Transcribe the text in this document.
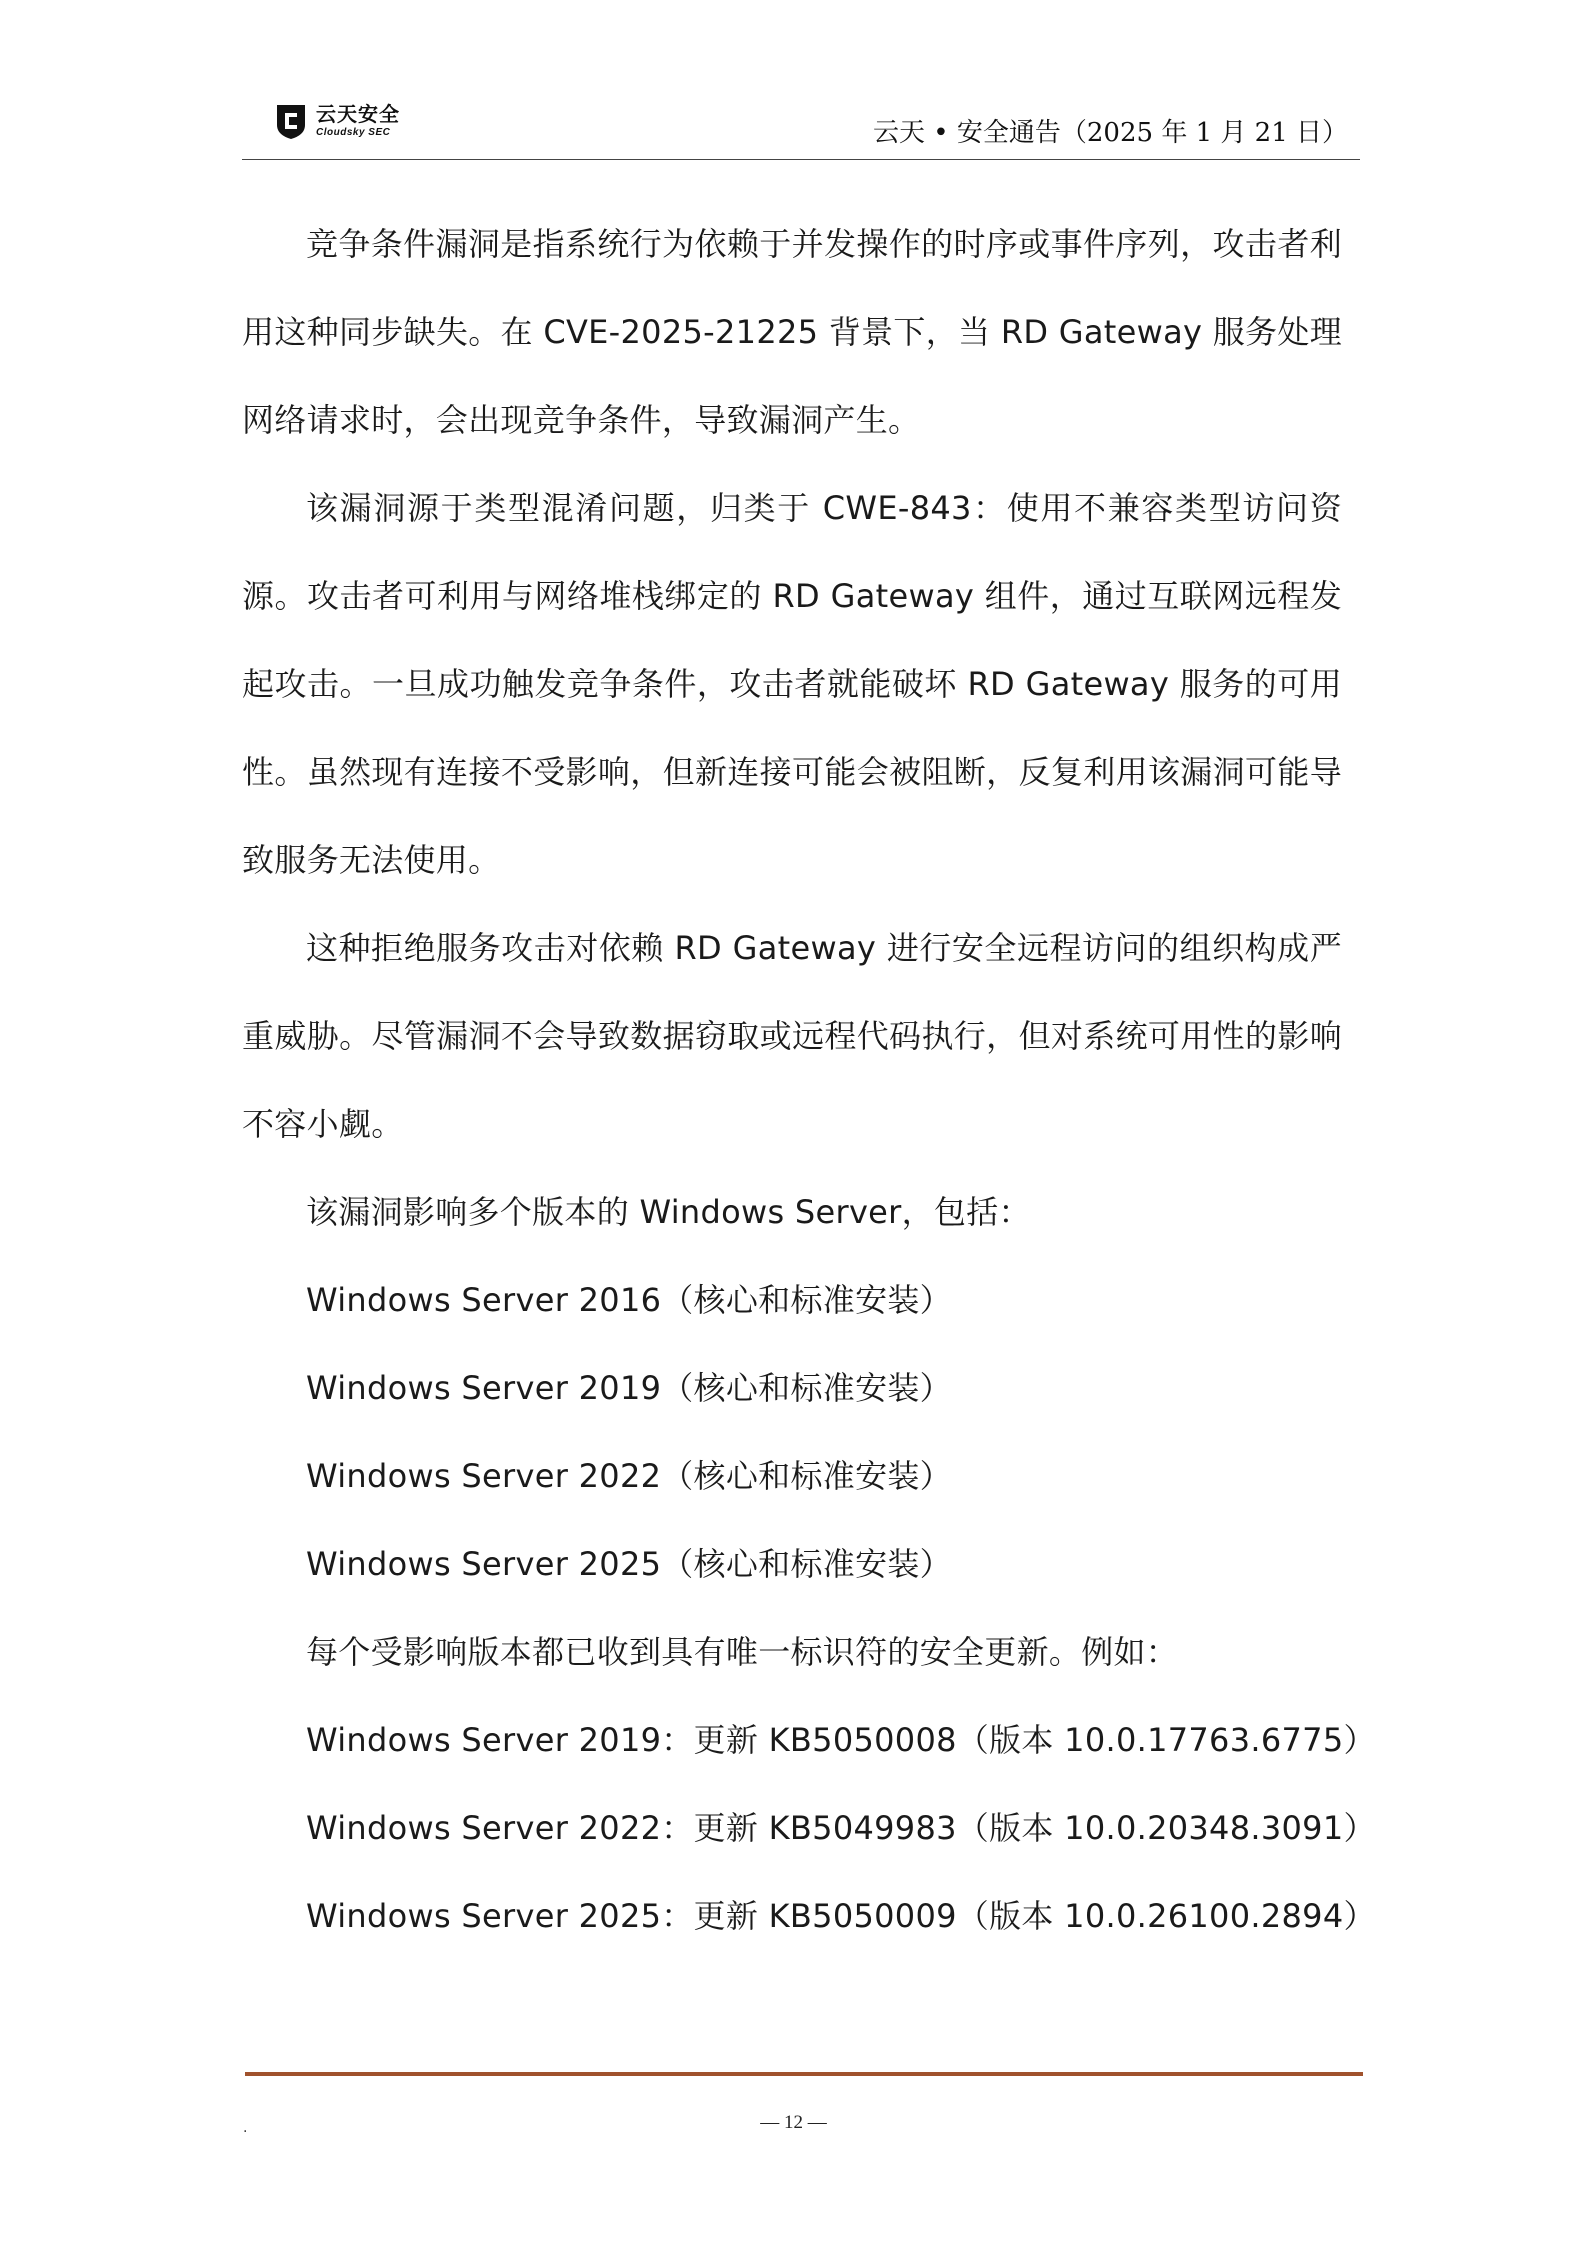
云天安全
Cloudsky SEC	云天 • 安全通告（2025 年 1 月 21 日）

竞争条件漏洞是指系统行为依赖于并发操作的时序或事件序列，攻击者利用这种同步缺失。在 CVE-2025-21225 背景下，当 RD Gateway 服务处理网络请求时，会出现竞争条件，导致漏洞产生。

该漏洞源于类型混淆问题，归类于 CWE-843：使用不兼容类型访问资源。攻击者可利用与网络堆栈绑定的 RD Gateway 组件，通过互联网远程发起攻击。一旦成功触发竞争条件，攻击者就能破坏 RD Gateway 服务的可用性。虽然现有连接不受影响，但新连接可能会被阻断，反复利用该漏洞可能导致服务无法使用。

这种拒绝服务攻击对依赖 RD Gateway 进行安全远程访问的组织构成严重威胁。尽管漏洞不会导致数据窃取或远程代码执行，但对系统可用性的影响不容小觑。

该漏洞影响多个版本的 Windows Server，包括：

Windows Server 2016（核心和标准安装）

Windows Server 2019（核心和标准安装）

Windows Server 2022（核心和标准安装）

Windows Server 2025（核心和标准安装）

每个受影响版本都已收到具有唯一标识符的安全更新。例如：

Windows Server 2019：更新 KB5050008（版本 10.0.17763.6775）

Windows Server 2022：更新 KB5049983（版本 10.0.20348.3091）

Windows Server 2025：更新 KB5050009（版本 10.0.26100.2894）

.	— 12 —
